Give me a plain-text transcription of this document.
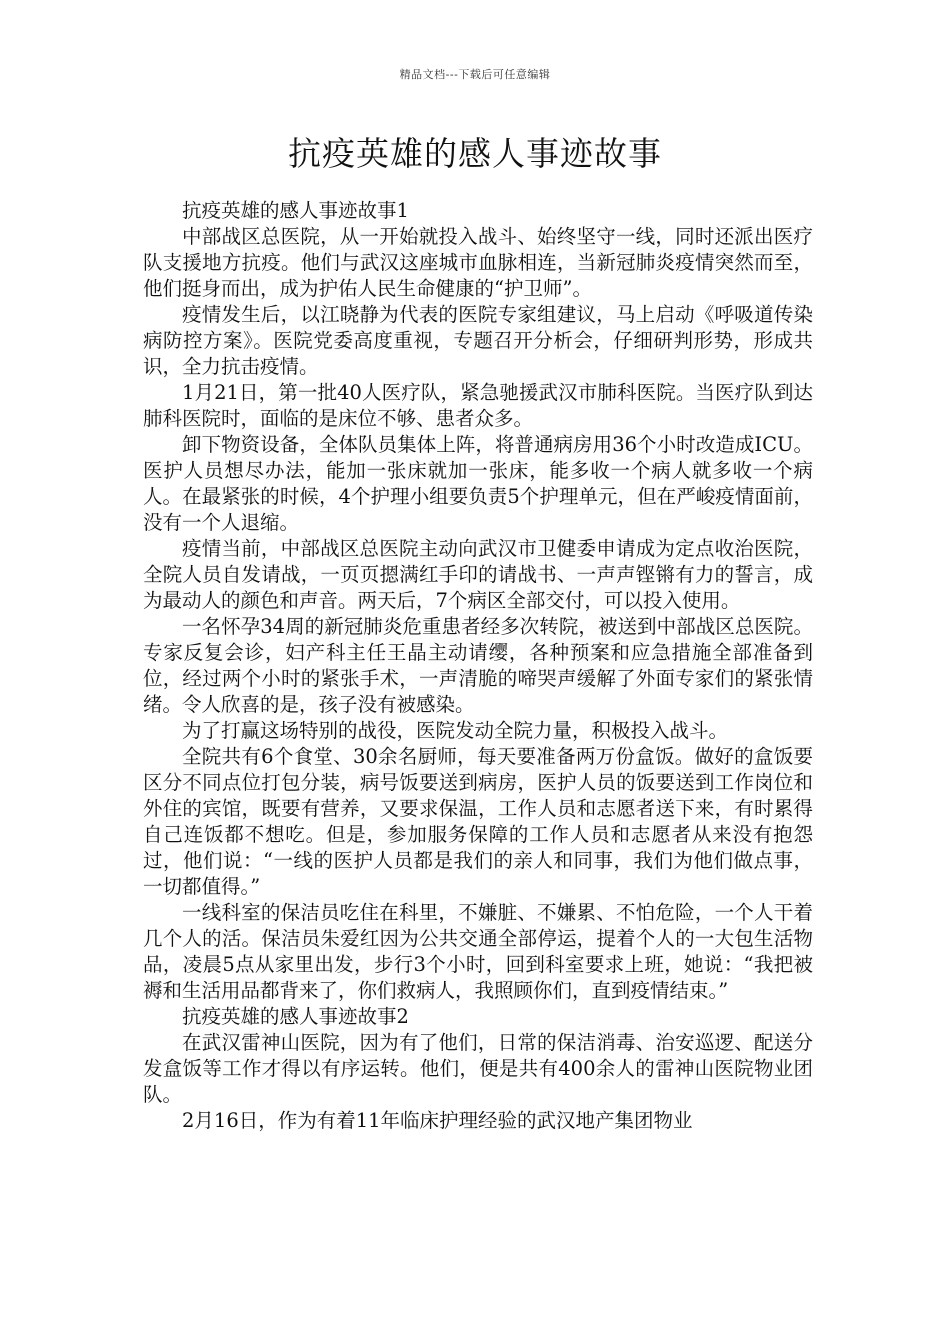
精品文档---下载后可任意编辑
抗疫英雄的感人事迹故事

抗疫英雄的感人事迹故事1

中部战区总医院，从一开始就投入战斗、始终坚守一线，同时还派出医疗队支援地方抗疫。他们与武汉这座城市血脉相连，当新冠肺炎疫情突然而至，他们挺身而出，成为护佑人民生命健康的“护卫师”。

疫情发生后，以江晓静为代表的医院专家组建议，马上启动《呼吸道传染病防控方案》。医院党委高度重视，专题召开分析会，仔细研判形势，形成共识，全力抗击疫情。

1月21日，第一批40人医疗队，紧急驰援武汉市肺科医院。当医疗队到达肺科医院时，面临的是床位不够、患者众多。

卸下物资设备，全体队员集体上阵，将普通病房用36个小时改造成ICU。医护人员想尽办法，能加一张床就加一张床，能多收一个病人就多收一个病人。在最紧张的时候，4个护理小组要负责5个护理单元，但在严峻疫情面前，没有一个人退缩。

疫情当前，中部战区总医院主动向武汉市卫健委申请成为定点收治医院，全院人员自发请战，一页页摁满红手印的请战书、一声声铿锵有力的誓言，成为最动人的颜色和声音。两天后，7个病区全部交付，可以投入使用。

一名怀孕34周的新冠肺炎危重患者经多次转院，被送到中部战区总医院。专家反复会诊，妇产科主任王晶主动请缨，各种预案和应急措施全部准备到位，经过两个小时的紧张手术，一声清脆的啼哭声缓解了外面专家们的紧张情绪。令人欣喜的是，孩子没有被感染。

为了打赢这场特别的战役，医院发动全院力量，积极投入战斗。

全院共有6个食堂、30余名厨师，每天要准备两万份盒饭。做好的盒饭要区分不同点位打包分装，病号饭要送到病房，医护人员的饭要送到工作岗位和外住的宾馆，既要有营养，又要求保温，工作人员和志愿者送下来，有时累得自己连饭都不想吃。但是，参加服务保障的工作人员和志愿者从来没有抱怨过，他们说：“一线的医护人员都是我们的亲人和同事，我们为他们做点事，一切都值得。”

一线科室的保洁员吃住在科里，不嫌脏、不嫌累、不怕危险，一个人干着几个人的活。保洁员朱爱红因为公共交通全部停运，提着个人的一大包生活物品，凌晨5点从家里出发，步行3个小时，回到科室要求上班，她说：“我把被褥和生活用品都背来了，你们救病人，我照顾你们，直到疫情结束。”

抗疫英雄的感人事迹故事2

在武汉雷神山医院，因为有了他们，日常的保洁消毒、治安巡逻、配送分发盒饭等工作才得以有序运转。他们，便是共有400余人的雷神山医院物业团队。

2月16日，作为有着11年临床护理经验的武汉地产集团物业
